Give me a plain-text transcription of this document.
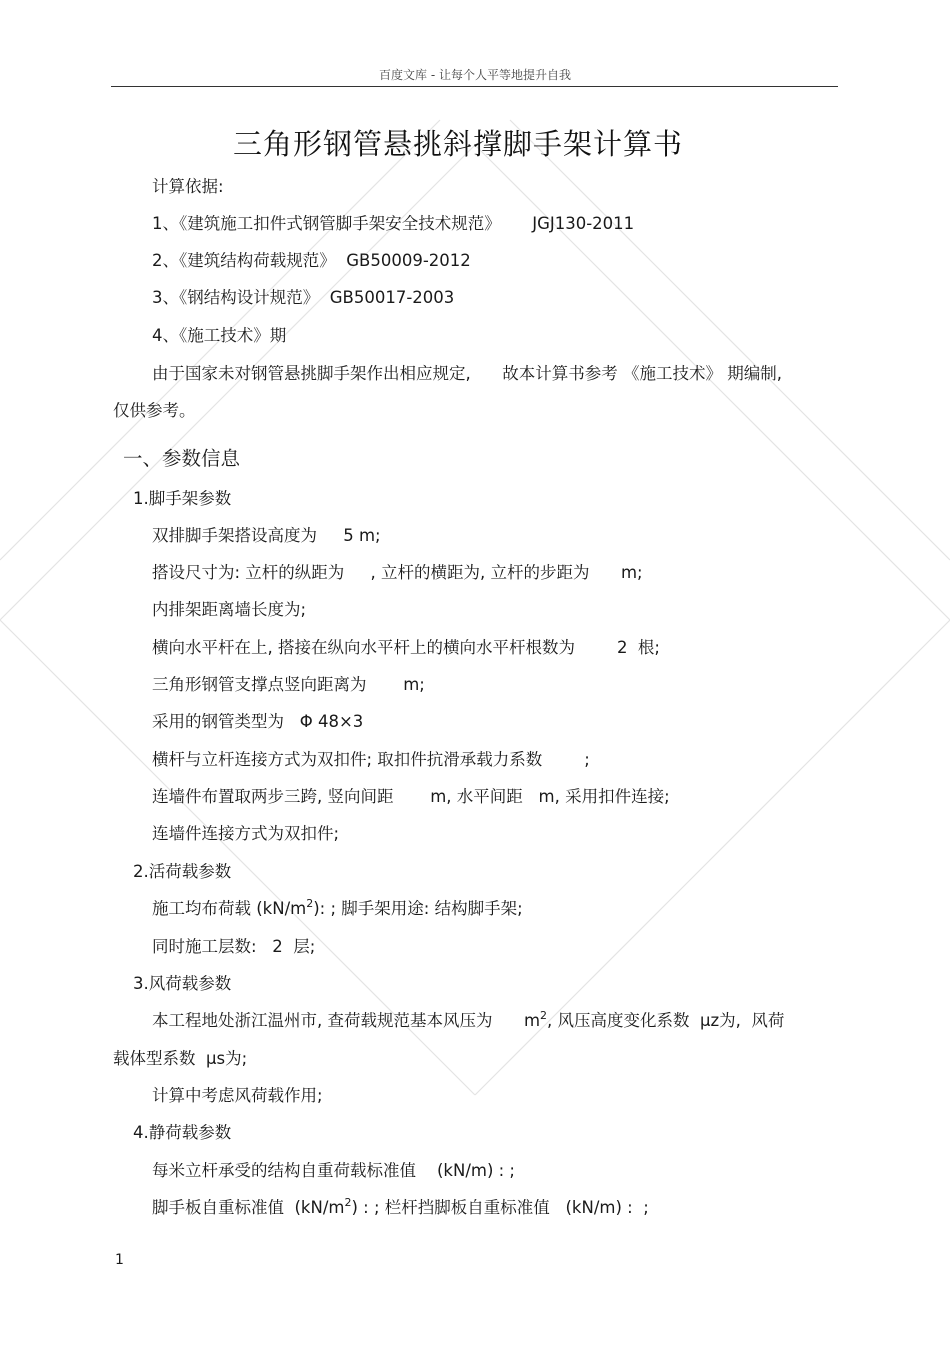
百度文库 - 让每个人平等地提升自我
三角形钢管悬挑斜撑脚手架计算书
计算依据:
1、《建筑施工扣件式钢管脚手架安全技术规范》      JGJ130-2011
2、《建筑结构荷载规范》  GB50009-2012
3、《钢结构设计规范》  GB50017-2003
4、《施工技术》期
由于国家未对钢管悬挑脚手架作出相应规定,      故本计算书参考 《施工技术》 期编制,
仅供参考。
一、参数信息
1.脚手架参数
双排脚手架搭设高度为     5 m;
搭设尺寸为: 立杆的纵距为     , 立杆的横距为, 立杆的步距为      m;
内排架距离墙长度为;
横向水平杆在上, 搭接在纵向水平杆上的横向水平杆根数为        2  根;
三角形钢管支撑点竖向距离为       m;
采用的钢管类型为   Φ 48×3
横杆与立杆连接方式为双扣件; 取扣件抗滑承载力系数        ;
连墙件布置取两步三跨, 竖向间距       m, 水平间距   m, 采用扣件连接;
连墙件连接方式为双扣件;
2.活荷载参数
施工均布荷载 $(kN/m^2)$: ; 脚手架用途: 结构脚手架;
同时施工层数:   2  层;
3.风荷载参数
本工程地处浙江温州市, 查荷载规范基本风压为      $m^2$, 风压高度变化系数  μz为,  风荷
载体型系数  μs为;
计算中考虑风荷载作用;
4.静荷载参数
每米立杆承受的结构自重荷载标准值    (kN/m) : ;
脚手板自重标准值  $(kN/m^2)$ : ; 栏杆挡脚板自重标准值   (kN/m) :  ;
1
